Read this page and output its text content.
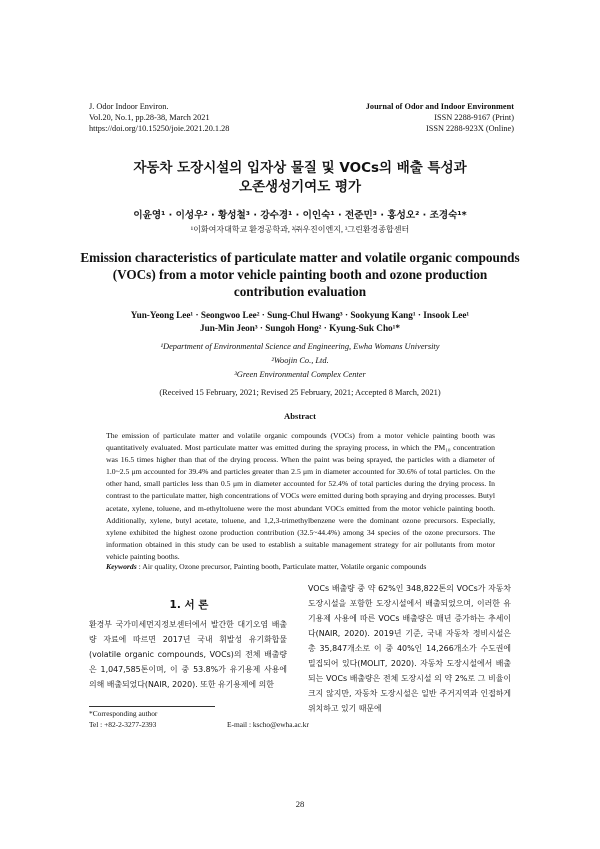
J. Odor Indoor Environ.
Vol.20, No.1, pp.28-38, March 2021
https://doi.org/10.15250/joie.2021.20.1.28
Journal of Odor and Indoor Environment
ISSN 2288-9167 (Print)
ISSN 2288-923X (Online)
자동차 도장시설의 입자상 물질 및 VOCs의 배출 특성과
오존생성기여도 평가
이윤영¹ · 이성우² · 황성철³ · 강수경¹ · 이인숙¹ · 전준민³ · 홍성오² · 조경숙¹*
¹이화여자대학교 환경공학과, ²㈜우진이엔지, ³그린환경종합센터
Emission characteristics of particulate matter and volatile organic compounds
(VOCs) from a motor vehicle painting booth and ozone production
contribution evaluation
Yun-Yeong Lee¹ · Seongwoo Lee² · Sung-Chul Hwang³ · Sookyung Kang¹ · Insook Lee¹
Jun-Min Jeon³ · Sungoh Hong² · Kyung-Suk Cho¹*
¹Department of Environmental Science and Engineering, Ewha Womans University
²Woojin Co., Ltd.
³Green Environmental Complex Center
(Received 15 February, 2021; Revised 25 February, 2021; Accepted 8 March, 2021)
Abstract
The emission of particulate matter and volatile organic compounds (VOCs) from a motor vehicle painting booth was quantitatively evaluated. Most particulate matter was emitted during the spraying process, in which the PM₁₀ concentration was 16.5 times higher than that of the drying process. When the paint was being sprayed, the particles with a diameter of 1.0~2.5 μm accounted for 39.4% and particles greater than 2.5 μm in diameter accounted for 30.6% of total particles. On the other hand, small particles less than 0.5 μm in diameter accounted for 52.4% of total particles during the drying process. In contrast to the particulate matter, high concentrations of VOCs were emitted during both spraying and drying processes. Butyl acetate, xylene, toluene, and m-ethyltoluene were the most abundant VOCs emitted from the motor vehicle painting booth. Additionally, xylene, butyl acetate, toluene, and 1,2,3-trimethylbenzene were the dominant ozone precursors. Especially, xylene exhibited the highest ozone production contribution (32.5~44.4%) among 34 species of the ozone precursors. The information obtained in this study can be used to establish a suitable management strategy for air pollutants from motor vehicle painting booths.
Keywords : Air quality, Ozone precursor, Painting booth, Particulate matter, Volatile organic compounds
1. 서 론
환경부 국가미세먼지정보센터에서 발간한 대기오염 배출량 자료에 따르면 2017년 국내 휘발성 유기화합물 (volatile organic compounds, VOCs)의 전체 배출량은 1,047,585톤이며, 이 중 53.8%가 유기용제 사용에 의해 배출되었다(NAIR, 2020). 또한 유기용제에 의한
VOCs 배출량 중 약 62%인 348,822톤의 VOCs가 자동차 도장시설을 포함한 도장시설에서 배출되었으며, 이러한 유기용제 사용에 따른 VOCs 배출량은 매년 증가하는 추세이다(NAIR, 2020). 2019년 기준, 국내 자동차 정비시설은 총 35,847개소로 이 중 40%인 14,266개소가 수도권에 밀집되어 있다(MOLIT, 2020). 자동차 도장시설에서 배출되는 VOCs 배출량은 전체 도장시설 의 약 2%로 그 비율이 크지 않지만, 자동차 도장시설은 일반 주거지역과 인접하게 위치하고 있기 때문에
*Corresponding author
Tel : +82-2-3277-2393	E-mail : kscho@ewha.ac.kr
28
